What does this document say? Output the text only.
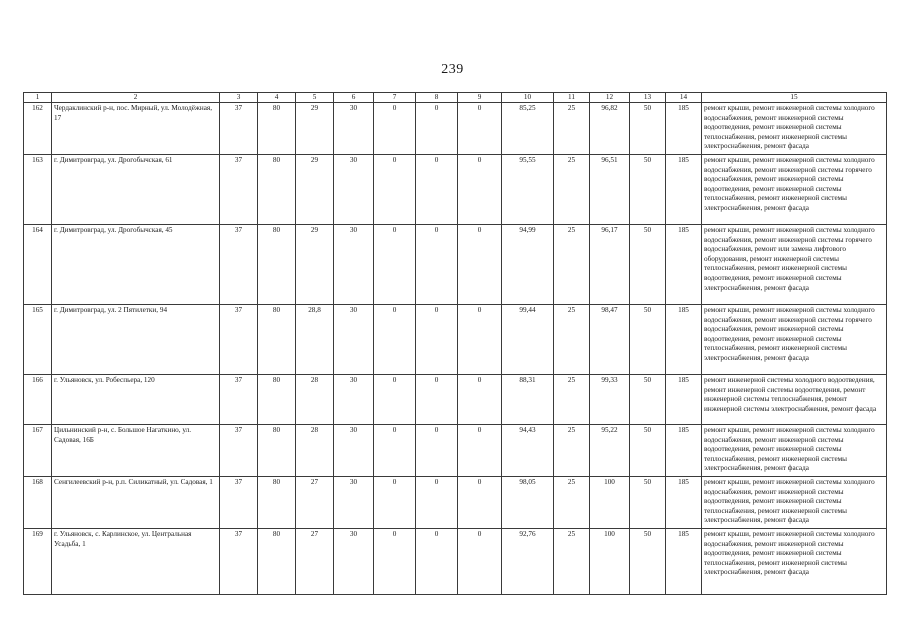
239
1	2	3	4	5	6	7	8	9	10	11	12	13	14	15
162	Чердаклинский р-н, пос. Мирный, ул. Молодёжная, 17	37	80	29	30	0	0	0	85,25	25	96,82	50	185	ремонт крыши, ремонт инженерной системы холодного водоснабжения, ремонт инженерной системы водоотведения, ремонт инженерной системы теплоснабжения, ремонт инженерной системы электроснабжения, ремонт фасада
163	г. Димитровград, ул. Дрогобычская, 61	37	80	29	30	0	0	0	95,55	25	96,51	50	185	ремонт крыши, ремонт инженерной системы холодного водоснабжения, ремонт инженерной системы горячего водоснабжения, ремонт инженерной системы водоотведения, ремонт инженерной системы теплоснабжения, ремонт инженерной системы электроснабжения, ремонт фасада
164	г. Димитровград, ул. Дрогобычская, 45	37	80	29	30	0	0	0	94,99	25	96,17	50	185	ремонт крыши, ремонт инженерной системы холодного водоснабжения, ремонт инженерной системы горячего водоснабжения, ремонт или замена лифтового оборудования, ремонт инженерной системы теплоснабжения, ремонт инженерной системы водоотведения, ремонт инженерной системы электроснабжения, ремонт фасада
165	г. Димитровград, ул. 2 Пятилетки, 94	37	80	28,8	30	0	0	0	99,44	25	98,47	50	185	ремонт крыши, ремонт инженерной системы холодного водоснабжения, ремонт инженерной системы горячего водоснабжения, ремонт инженерной системы водоотведения, ремонт инженерной системы теплоснабжения, ремонт инженерной системы электроснабжения, ремонт фасада
166	г. Ульяновск, ул. Робеспьера, 120	37	80	28	30	0	0	0	88,31	25	99,33	50	185	ремонт инженерной системы холодного водоотведения, ремонт инженерной системы водоотведения, ремонт инженерной системы теплоснабжения, ремонт инженерной системы электроснабжения, ремонт фасада
167	Цильнинский р-н, с. Большое Нагаткино, ул. Садовая, 16Б	37	80	28	30	0	0	0	94,43	25	95,22	50	185	ремонт крыши, ремонт инженерной системы холодного водоснабжения, ремонт инженерной системы водоотведения, ремонт инженерной системы теплоснабжения, ремонт инженерной системы электроснабжения, ремонт фасада
168	Сенгилеевский р-н, р.п. Силикатный, ул. Садовая, 1	37	80	27	30	0	0	0	98,05	25	100	50	185	ремонт крыши, ремонт инженерной системы холодного водоснабжения, ремонт инженерной системы водоотведения, ремонт инженерной системы теплоснабжения, ремонт инженерной системы электроснабжения, ремонт фасада
169	г. Ульяновск, с. Карлинское, ул. Центральная Усадьба, 1	37	80	27	30	0	0	0	92,76	25	100	50	185	ремонт крыши, ремонт инженерной системы холодного водоснабжения, ремонт инженерной системы водоотведения, ремонт инженерной системы теплоснабжения, ремонт инженерной системы электроснабжения, ремонт фасада
